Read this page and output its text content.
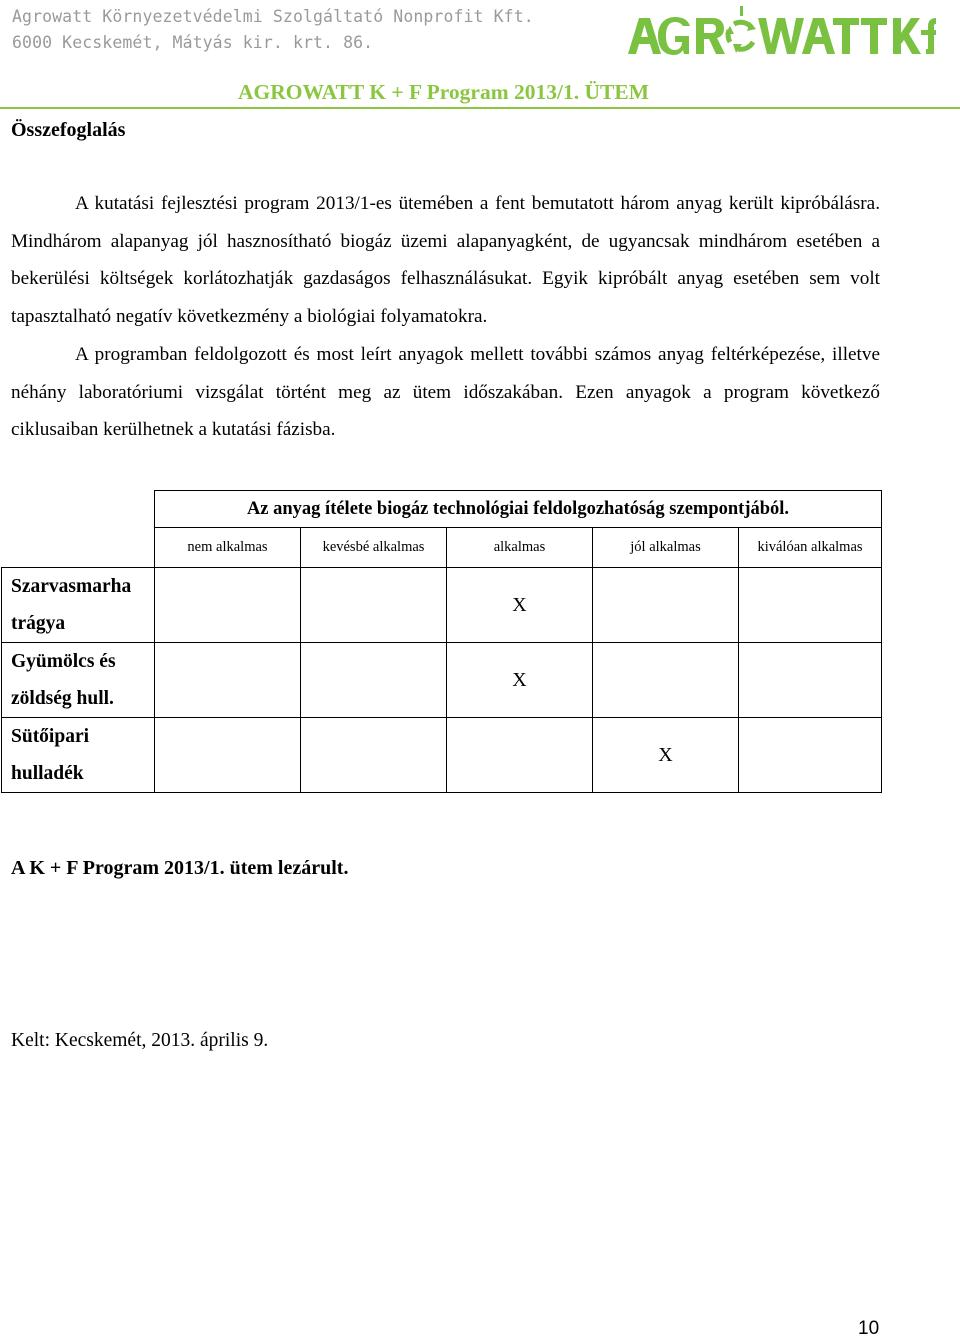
Agrowatt Környezetvédelmi Szolgáltató Nonprofit Kft.
6000 Kecskemét, Mátyás kir. krt. 86.
AGROWATT K + F Program 2013/1. ÜTEM
Összefoglalás

A kutatási fejlesztési program 2013/1-es ütemében a fent bemutatott három anyag került kipróbálásra. Mindhárom alapanyag jól hasznosítható biogáz üzemi alapanyagként, de ugyancsak mindhárom esetében a bekerülési költségek korlátozhatják gazdaságos felhasználásukat. Egyik kipróbált anyag esetében sem volt tapasztalható negatív következmény a biológiai folyamatokra.

A programban feldolgozott és most leírt anyagok mellett további számos anyag feltérképezése, illetve néhány laboratóriumi vizsgálat történt meg az ütem időszakában. Ezen anyagok a program következő ciklusaiban kerülhetnek a kutatási fázisba.

	Az anyag ítélete biogáz technológiai feldolgozhatóság szempontjából.				
	nem alkalmas	kevésbé alkalmas	alkalmas	jól alkalmas	kiválóan alkalmas
Szarvasmarha trágya			X		
Gyümölcs és zöldség hull.			X		
Sütőipari hulladék				X	
A K + F Program 2013/1. ütem lezárult.
Kelt: Kecskemét, 2013. április 9.
10
